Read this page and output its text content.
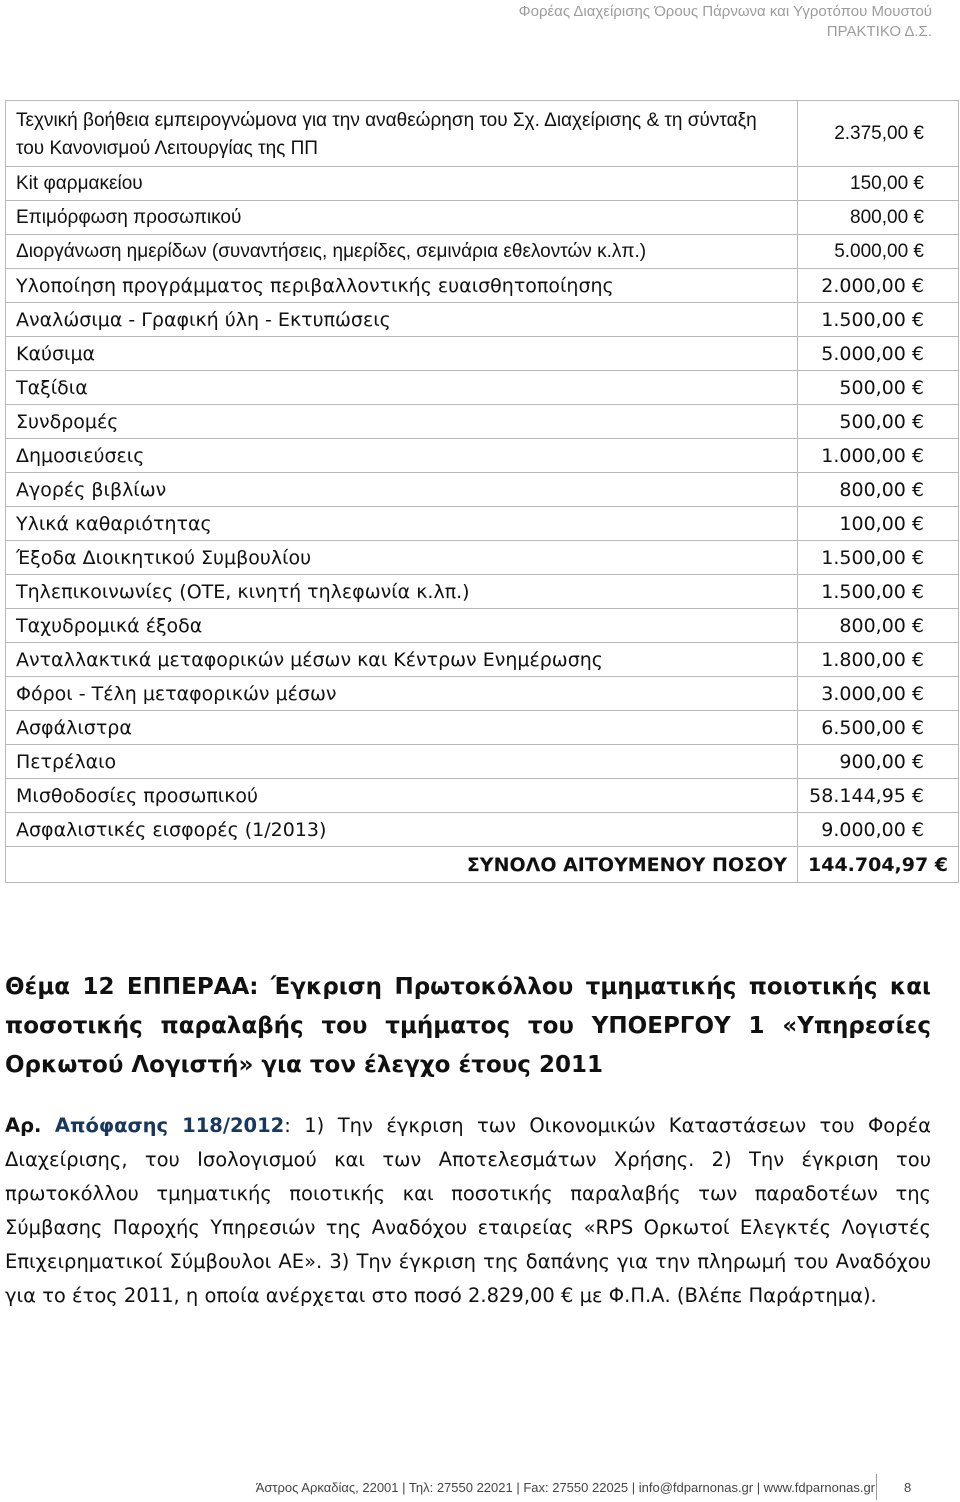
Φορέας Διαχείρισης Όρους Πάρνωνα και Υγροτόπου Μουστού
ΠΡΑΚΤΙΚΟ Δ.Σ.
Τεχνική βοήθεια εμπειρογνώμονα για την αναθεώρηση του Σχ. Διαχείρισης & τη σύνταξη του Κανονισμού Λειτουργίας της ΠΠ	2.375,00 €
Kit φαρμακείου	150,00 €
Επιμόρφωση προσωπικού	800,00 €
Διοργάνωση ημερίδων (συναντήσεις, ημερίδες, σεμινάρια εθελοντών κ.λπ.)	5.000,00 €
Υλοποίηση προγράμματος περιβαλλοντικής ευαισθητοποίησης	2.000,00 €
Αναλώσιμα - Γραφική ύλη - Εκτυπώσεις	1.500,00 €
Καύσιμα	5.000,00 €
Ταξίδια	500,00 €
Συνδρομές	500,00 €
Δημοσιεύσεις	1.000,00 €
Αγορές βιβλίων	800,00 €
Υλικά καθαριότητας	100,00 €
Έξοδα Διοικητικού Συμβουλίου	1.500,00 €
Τηλεπικοινωνίες (ΟΤΕ, κινητή τηλεφωνία κ.λπ.)	1.500,00 €
Ταχυδρομικά έξοδα	800,00 €
Ανταλλακτικά μεταφορικών μέσων και Κέντρων Ενημέρωσης	1.800,00 €
Φόροι - Τέλη μεταφορικών μέσων	3.000,00 €
Ασφάλιστρα	6.500,00 €
Πετρέλαιο	900,00 €
Μισθοδοσίες προσωπικού	58.144,95 €
Ασφαλιστικές εισφορές (1/2013)	9.000,00 €
ΣΥΝΟΛΟ ΑΙΤΟΥΜΕΝΟΥ ΠΟΣΟΥ	144.704,97 €
Θέμα 12 ΕΠΠΕΡΑΑ: Έγκριση Πρωτοκόλλου τμηματικής ποιοτικής και ποσοτικής παραλαβής του τμήματος του ΥΠΟΕΡΓΟΥ 1 «Υπηρεσίες Ορκωτού Λογιστή» για τον έλεγχο έτους 2011

Αρ. Απόφασης 118/2012: 1) Την έγκριση των Οικονομικών Καταστάσεων του Φορέα Διαχείρισης, του Ισολογισμού και των Αποτελεσμάτων Χρήσης. 2) Την έγκριση του πρωτοκόλλου τμηματικής ποιοτικής και ποσοτικής παραλαβής των παραδοτέων της Σύμβασης Παροχής Υπηρεσιών της Αναδόχου εταιρείας «RPS Ορκωτοί Ελεγκτές Λογιστές Επιχειρηματικοί Σύμβουλοι ΑΕ». 3) Την έγκριση της δαπάνης για την πληρωμή του Αναδόχου για το έτος 2011, η οποία ανέρχεται στο ποσό 2.829,00 € με Φ.Π.Α. (Βλέπε Παράρτημα).

Άστρος Αρκαδίας, 22001 | Τηλ: 27550 22021 | Fax: 27550 22025 | info@fdparnonas.gr | www.fdparnonas.gr 8
